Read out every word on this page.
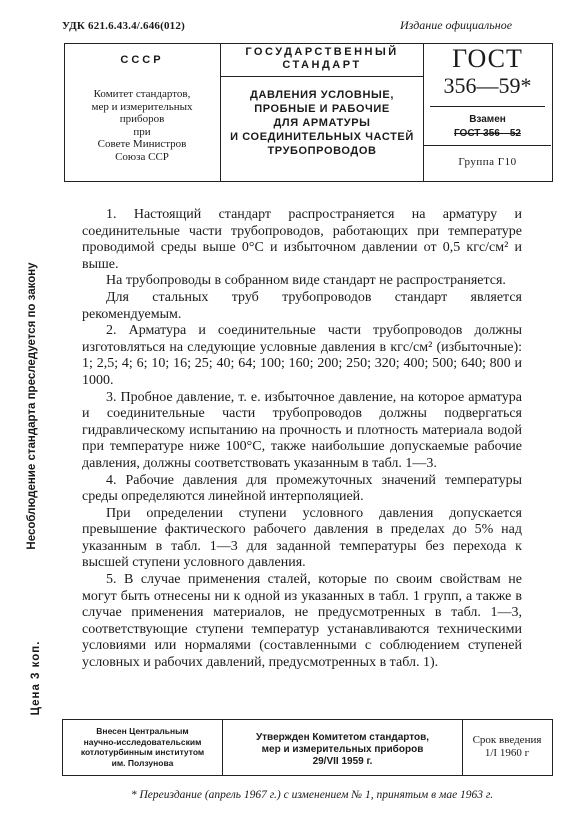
УДК 621.6.43.4/.646(012)	Издание официальное
СССР
Комитет стандартов,
мер и измерительных
приборов
при
Совете Министров
Союза ССР
ГОСУДАРСТВЕННЫЙ
СТАНДАРТ
ДАВЛЕНИЯ УСЛОВНЫЕ,
ПРОБНЫЕ И РАБОЧИЕ
ДЛЯ АРМАТУРЫ
И СОЕДИНИТЕЛЬНЫХ ЧАСТЕЙ
ТРУБОПРОВОДОВ
ГОСТ
356—59*
Взамен
ГОСТ 356—52
Группа Г10
Несоблюдение стандарта преследуется по закону
Цена 3 коп.

1. Настоящий стандарт распространяется на арматуру и соединительные части трубопроводов, работающих при температуре проводимой среды выше 0°С и избыточном давлении от 0,5 кгс/см² и выше.

На трубопроводы в собранном виде стандарт не распространяется.

Для стальных труб трубопроводов стандарт является рекомендуемым.

2. Арматура и соединительные части трубопроводов должны изготовляться на следующие условные давления в кгс/см² (избыточные): 1; 2,5; 4; 6; 10; 16; 25; 40; 64; 100; 160; 200; 250; 320; 400; 500; 640; 800 и 1000.

3. Пробное давление, т. е. избыточное давление, на которое арматура и соединительные части трубопроводов должны подвергаться гидравлическому испытанию на прочность и плотность материала водой при температуре ниже 100°С, также наибольшие допускаемые рабочие давления, должны соответствовать указанным в табл. 1—3.

4. Рабочие давления для промежуточных значений температуры среды определяются линейной интерполяцией.

При определении ступени условного давления допускается превышение фактического рабочего давления в пределах до 5% над указанным в табл. 1—3 для заданной температуры без перехода к высшей ступени условного давления.

5. В случае применения сталей, которые по своим свойствам не могут быть отнесены ни к одной из указанных в табл. 1 групп, а также в случае применения материалов, не предусмотренных в табл. 1—3, соответствующие ступени температур устанавливаются техническими условиями или нормалями (составленными с соблюдением ступеней условных и рабочих давлений, предусмотренных в табл. 1).

Внесен Центральным
научно-исследовательским
котлотурбинным институтом
им. Ползунова
Утвержден Комитетом стандартов,
мер и измерительных приборов
29/VII 1959 г.
Срок введения
1/I 1960 г
* Переиздание (апрель 1967 г.) с изменением № 1, принятым в мае 1963 г.
